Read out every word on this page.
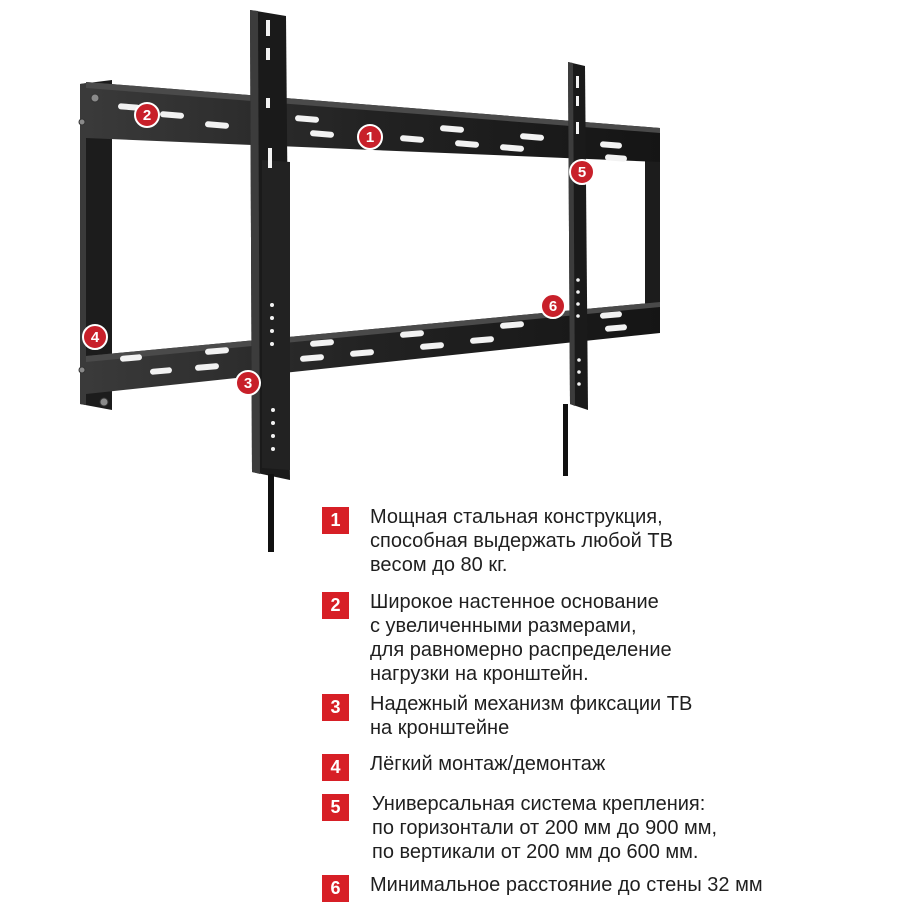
1
2
3
4
5
6
1	Мощная стальная конструкция,
способная выдержать любой ТВ
весом до 80 кг.
2	Широкое настенное основание
с увеличенными размерами,
для равномерно распределение
нагрузки на кронштейн.
3	Надежный механизм фиксации ТВ
на кронштейне
4	Лёгкий монтаж/демонтаж
5	Универсальная система крепления:
по горизонтали от 200 мм до 900 мм,
по вертикали от 200 мм до 600 мм.
6	Минимальное расстояние до стены 32 мм
